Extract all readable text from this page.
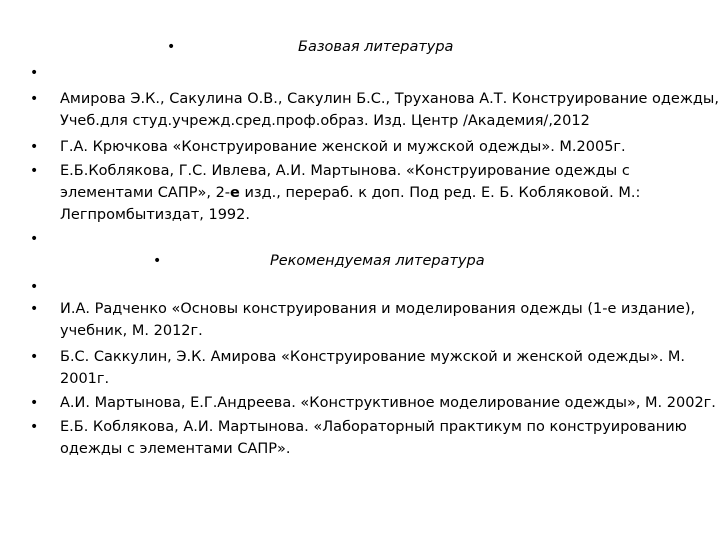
•	Базовая литература
•
• Амирова Э.К., Сакулина О.В., Сакулин Б.С., Труханова А.Т. Конструирование одежды,
Учеб.для студ.учрежд.сред.проф.образ. Изд. Центр /Академия/,2012
• Г.А. Крючкова «Конструирование женской и мужской одежды». М.2005г.
• Е.Б.Коблякова, Г.С. Ивлева, А.И. Мартынова. «Конструирование одежды с
элементами САПР», 2-е изд., перераб. к доп. Под ред. Е. Б. Кобляковой. М.:
Легпромбытиздат, 1992.
•
•	Рекомендуемая литература
•
• И.А. Радченко «Основы конструирования и моделирования одежды (1-е издание),
учебник, М. 2012г.
• Б.С. Саккулин, Э.К. Амирова «Конструирование мужской и женской одежды». М.
2001г.
• А.И. Мартынова, Е.Г.Андреева. «Конструктивное моделирование одежды», М. 2002г.
• Е.Б. Коблякова, А.И. Мартынова. «Лабораторный практикум по конструированию
одежды с элементами САПР».
